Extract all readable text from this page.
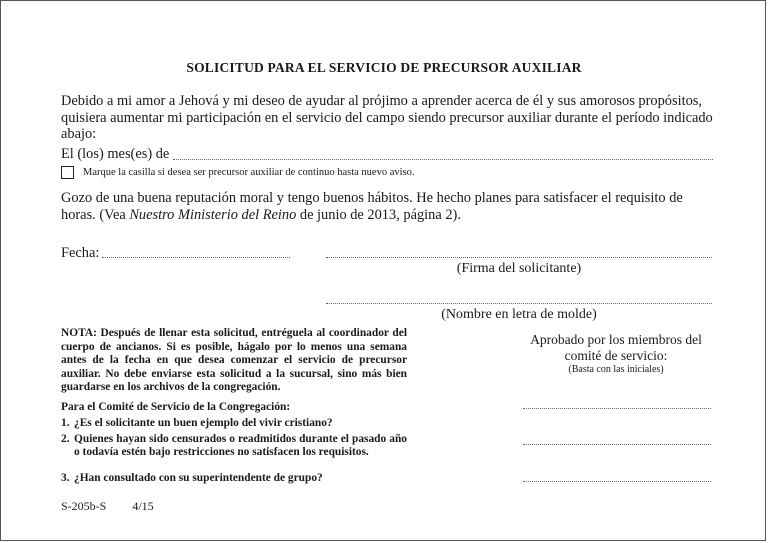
SOLICITUD PARA EL SERVICIO DE PRECURSOR AUXILIAR
Debido a mi amor a Jehová y mi deseo de ayudar al prójimo a aprender acerca de él y sus amorosos propósitos, quisiera aumentar mi participación en el servicio del campo siendo precursor auxiliar durante el período indicado abajo:
El (los) mes(es) de
Marque la casilla si desea ser precursor auxiliar de continuo hasta nuevo aviso.
Gozo de una buena reputación moral y tengo buenos hábitos. He hecho planes para satisfacer el requisito de horas. (Vea Nuestro Ministerio del Reino de junio de 2013, página 2).
Fecha:
(Firma del solicitante)
(Nombre en letra de molde)
NOTA: Después de llenar esta solicitud, entréguela al coordinador del cuerpo de ancianos. Si es posible, hágalo por lo menos una semana antes de la fecha en que desea comenzar el servicio de precursor auxiliar. No debe enviarse esta solicitud a la sucursal, sino más bien guardarse en los archivos de la congregación.
Aprobado por los miembros del comité de servicio:
(Basta con las iniciales)
Para el Comité de Servicio de la Congregación:
1. ¿Es el solicitante un buen ejemplo del vivir cristiano?
2. Quienes hayan sido censurados o readmitidos durante el pasado año o todavía estén bajo restricciones no satisfacen los requisitos.
3. ¿Han consultado con su superintendente de grupo?
S-205b-S 4/15
